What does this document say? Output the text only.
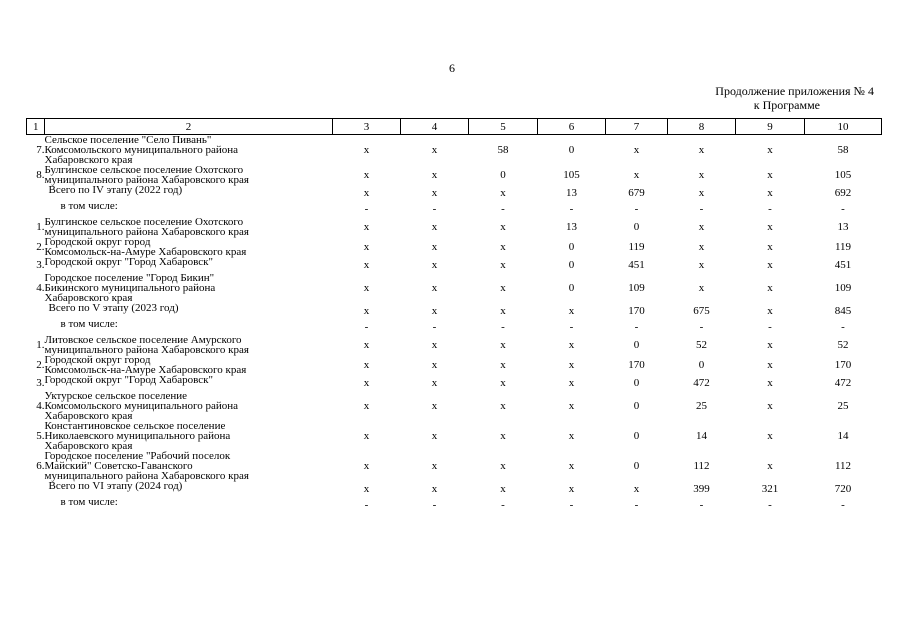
6
Продолжение приложения № 4
к Программе
1	2	3	4	5	6	7	8	9	10
7.	Сельское поселение "Село Пивань"
Комсомольского муниципального района
Хабаровского края	x	x	58	0	x	x	x	58
8.	Булгинское сельское поселение Охотского
муниципального района Хабаровского края	x	x	0	105	x	x	x	105

	Всего по IV этапу (2022 год)	x	x	x	13	679	x	x	692

	в том числе:	-	-	-	-	-	-	-	-
1.	Булгинское сельское поселение Охотского
муниципального района Хабаровского края	x	x	x	13	0	x	x	13
2.	Городской округ город
Комсомольск-на-Амуре Хабаровского края	x	x	x	0	119	x	x	119
3.	Городской округ "Город Хабаровск"	x	x	x	0	451	x	x	451
4.	Городское поселение "Город Бикин"
Бикинского муниципального района
Хабаровского края	x	x	x	0	109	x	x	109

	Всего по V этапу (2023 год)	x	x	x	x	170	675	x	845

	в том числе:	-	-	-	-	-	-	-	-
1.	Литовское сельское поселение Амурского
муниципального района Хабаровского края	x	x	x	x	0	52	x	52
2.	Городской округ город
Комсомольск-на-Амуре Хабаровского края	x	x	x	x	170	0	x	170
3.	Городской округ "Город Хабаровск"	x	x	x	x	0	472	x	472
4.	Уктурское сельское поселение
Комсомольского муниципального района
Хабаровского края	x	x	x	x	0	25	x	25
5.	Константиновское сельское поселение
Николаевского муниципального района
Хабаровского края	x	x	x	x	0	14	x	14
6.	Городское поселение "Рабочий поселок
Майский" Советско-Гаванского
муниципального района Хабаровского края	x	x	x	x	0	112	x	112

	Всего по VI этапу (2024 год)	x	x	x	x	x	399	321	720

	в том числе:	-	-	-	-	-	-	-	-
